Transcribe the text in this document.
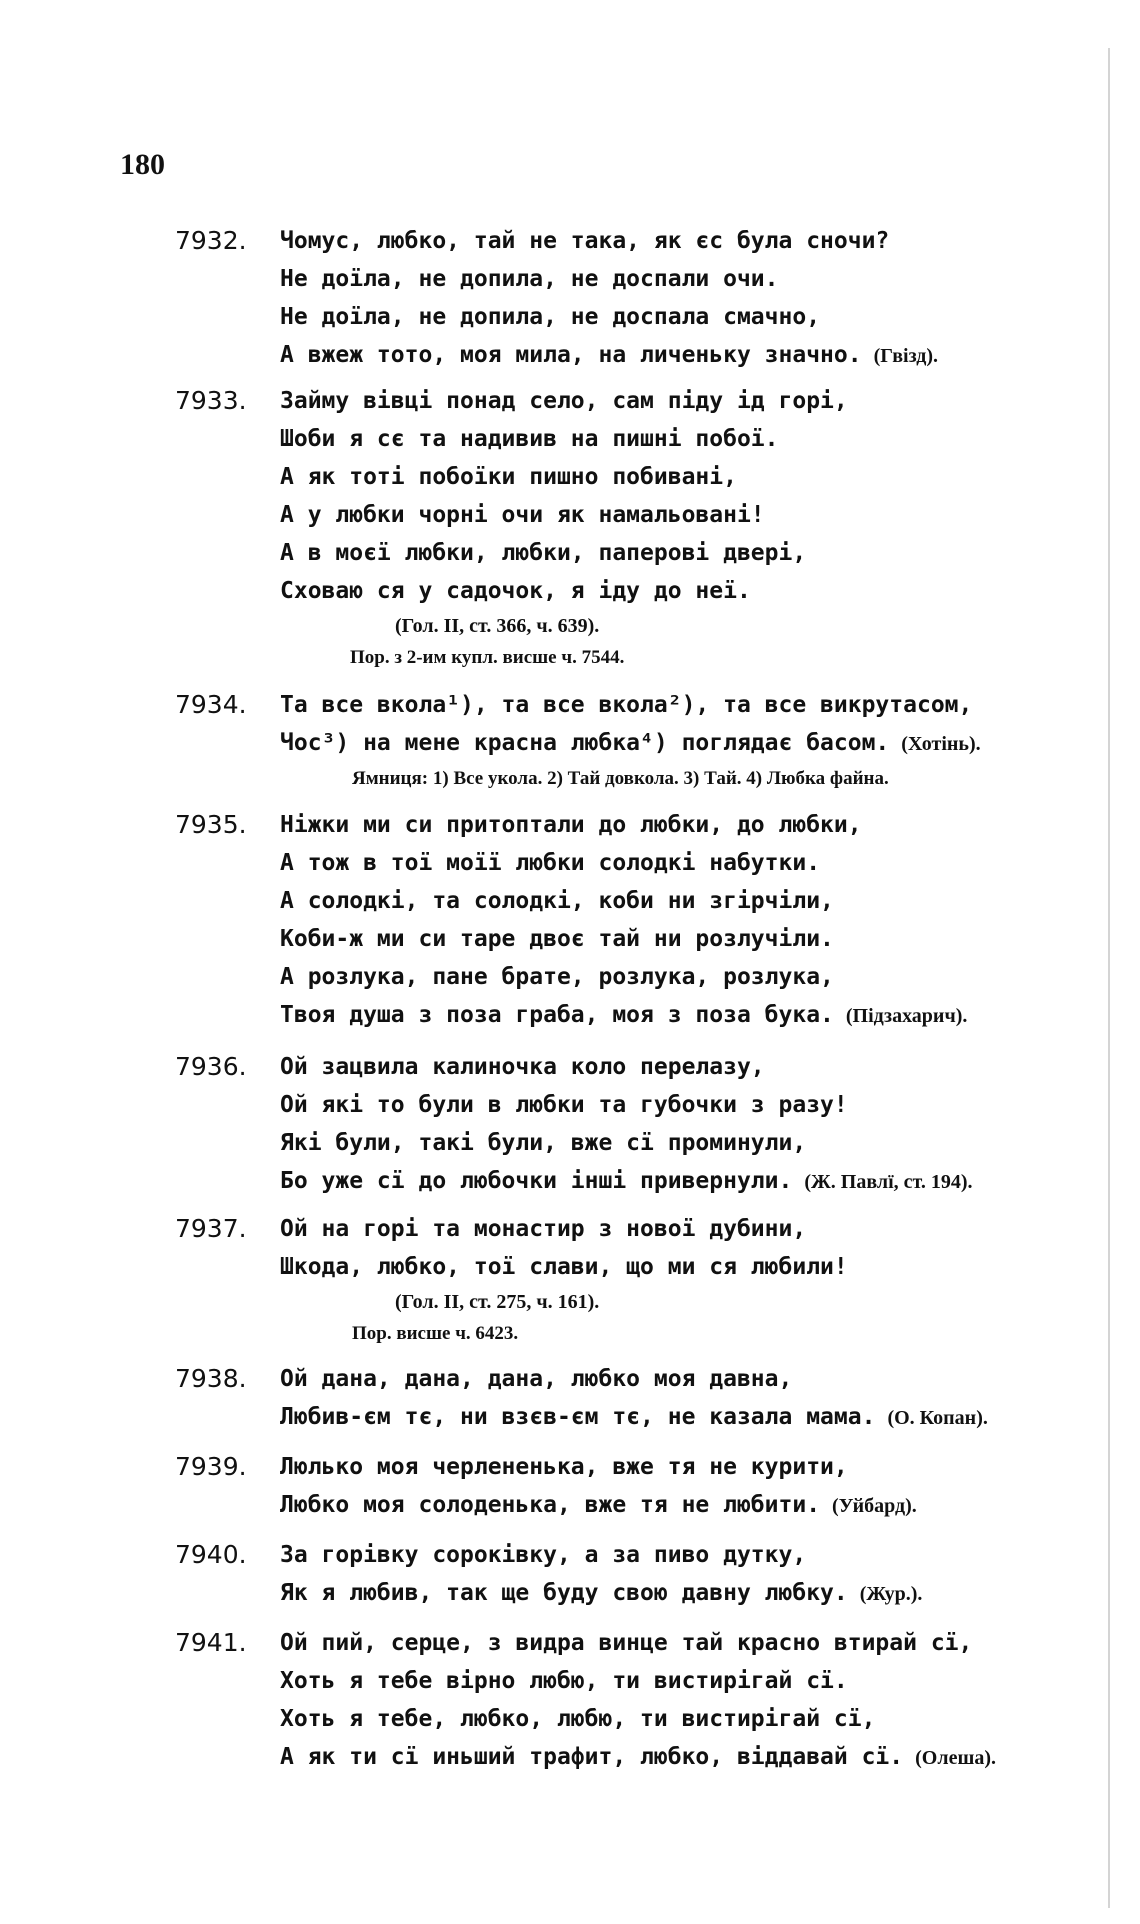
180
7932. Чомус, любко, тай не така, як єс була сночи?
Не доїла, не допила, не доспали очи.
Не доїла, не допила, не доспала смачно,
А вжеж тото, моя мила, на личеньку значно. (Гвізд).
7933. Займу вівці понад село, сам піду ід горі,
Шоби я сє та надивив на пишні побої.
А як тоті побоїки пишно побивані,
А у любки чорні очи як намальовані!
А в моєї любки, любки, паперові двері,
Сховаю ся у садочок, я іду до неї.
(Гол. II, ст. 366, ч. 639).
Пор. з 2-им купл. висше ч. 7544.
7934. Та все вкола¹), та все вкола²), та все викрутасом,
Чос³) на мене красна любка⁴) поглядає басом. (Хотінь).
Ямниця: 1) Все укола. 2) Тай довкола. 3) Тай. 4) Любка файна.
7935. Ніжки ми си притоптали до любки, до любки,
А тож в тої моїї любки солодкі набутки.
А солодкі, та солодкі, коби ни згірчіли,
Коби-ж ми си таре двоє тай ни розлучіли.
А розлука, пане брате, розлука, розлука,
Твоя душа з поза граба, моя з поза бука. (Підзахарич).
7936. Ой зацвила калиночка коло перелазу,
Ой які то були в любки та губочки з разу!
Які були, такі були, вже сї проминули,
Бо уже сї до любочки інші привернули. (Ж. Павлї, ст. 194).
7937. Ой на горі та монастир з нової дубини,
Шкода, любко, тої слави, що ми ся любили!
(Гол. II, ст. 275, ч. 161).
Пор. висше ч. 6423.
7938. Ой дана, дана, дана, любко моя давна,
Любив-єм тє, ни взєв-єм тє, не казала мама. (О. Копан).
7939. Люлько моя черлененька, вже тя не курити,
Любко моя солоденька, вже тя не любити. (Уйбард).
7940. За горівку сороківку, а за пиво дутку,
Як я любив, так ще буду свою давну любку. (Жур.).
7941. Ой пий, серце, з видра винце тай красно втирай сї,
Хоть я тебе вірно любю, ти вистирігай сї.
Хоть я тебе, любко, любю, ти вистирігай сї,
А як ти сї иньший трафит, любко, віддавай сї. (Олеша).
